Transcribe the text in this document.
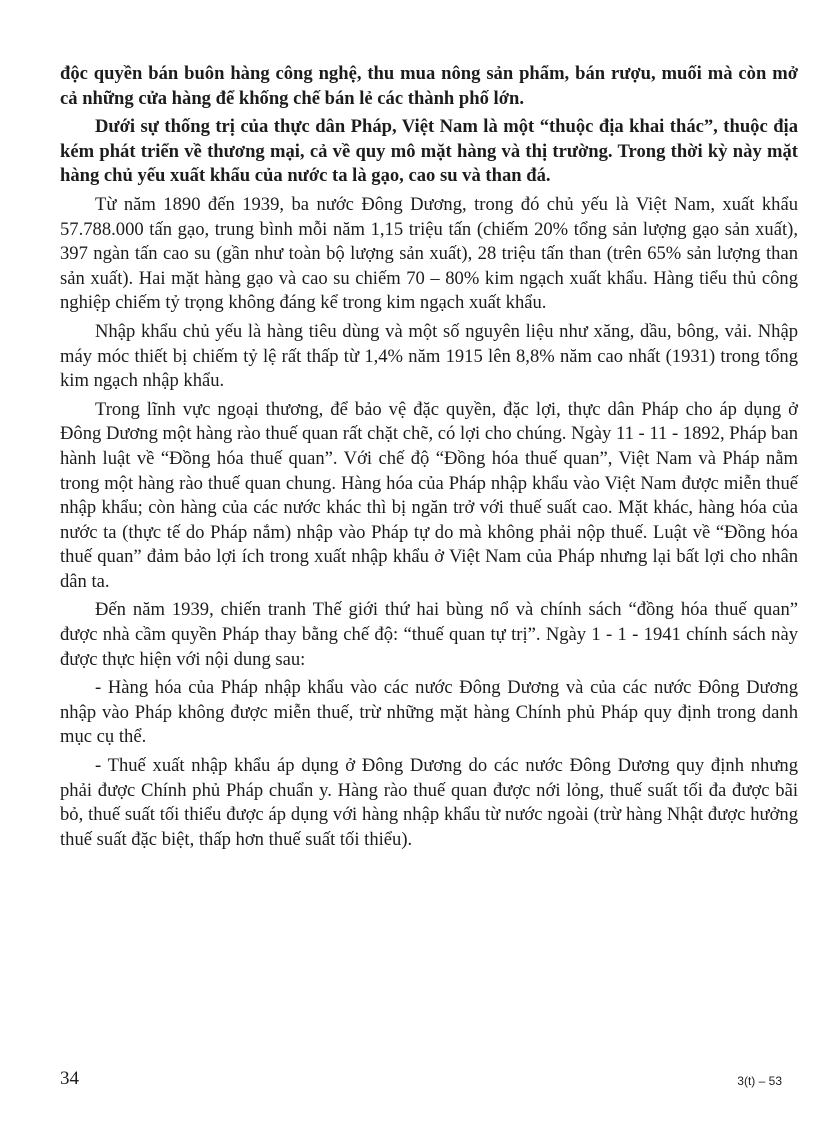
độc quyền bán buôn hàng công nghệ, thu mua nông sản phẩm, bán rượu, muối mà còn mở cả những cửa hàng để khống chế bán lẻ các thành phố lớn.

Dưới sự thống trị của thực dân Pháp, Việt Nam là một “thuộc địa khai thác”, thuộc địa kém phát triển về thương mại, cả về quy mô mặt hàng và thị trường. Trong thời kỳ này mặt hàng chủ yếu xuất khẩu của nước ta là gạo, cao su và than đá.

Từ năm 1890 đến 1939, ba nước Đông Dương, trong đó chủ yếu là Việt Nam, xuất khẩu 57.788.000 tấn gạo, trung bình mỗi năm 1,15 triệu tấn (chiếm 20% tổng sản lượng gạo sản xuất), 397 ngàn tấn cao su (gần như toàn bộ lượng sản xuất), 28 triệu tấn than (trên 65% sản lượng than sản xuất). Hai mặt hàng gạo và cao su chiếm 70 – 80% kim ngạch xuất khẩu. Hàng tiểu thủ công nghiệp chiếm tỷ trọng không đáng kể trong kim ngạch xuất khẩu.

Nhập khẩu chủ yếu là hàng tiêu dùng và một số nguyên liệu như xăng, dầu, bông, vải. Nhập máy móc thiết bị chiếm tỷ lệ rất thấp từ 1,4% năm 1915 lên 8,8% năm cao nhất (1931) trong tổng kim ngạch nhập khẩu.

Trong lĩnh vực ngoại thương, để bảo vệ đặc quyền, đặc lợi, thực dân Pháp cho áp dụng ở Đông Dương một hàng rào thuế quan rất chặt chẽ, có lợi cho chúng. Ngày 11 - 11 - 1892, Pháp ban hành luật về “Đồng hóa thuế quan”. Với chế độ “Đồng hóa thuế quan”, Việt Nam và Pháp nằm trong một hàng rào thuế quan chung. Hàng hóa của Pháp nhập khẩu vào Việt Nam được miễn thuế nhập khẩu; còn hàng của các nước khác thì bị ngăn trở với thuế suất cao. Mặt khác, hàng hóa của nước ta (thực tế do Pháp nắm) nhập vào Pháp tự do mà không phải nộp thuế. Luật về “Đồng hóa thuế quan” đảm bảo lợi ích trong xuất nhập khẩu ở Việt Nam của Pháp nhưng lại bất lợi cho nhân dân ta.

Đến năm 1939, chiến tranh Thế giới thứ hai bùng nổ và chính sách “đồng hóa thuế quan” được nhà cầm quyền Pháp thay bằng chế độ: “thuế quan tự trị”. Ngày 1 - 1 - 1941 chính sách này được thực hiện với nội dung sau:

- Hàng hóa của Pháp nhập khẩu vào các nước Đông Dương và của các nước Đông Dương nhập vào Pháp không được miễn thuế, trừ những mặt hàng Chính phủ Pháp quy định trong danh mục cụ thể.

- Thuế xuất nhập khẩu áp dụng ở Đông Dương do các nước Đông Dương quy định nhưng phải được Chính phủ Pháp chuẩn y. Hàng rào thuế quan được nới lỏng, thuế suất tối đa được bãi bỏ, thuế suất tối thiểu được áp dụng với hàng nhập khẩu từ nước ngoài (trừ hàng Nhật được hưởng thuế suất đặc biệt, thấp hơn thuế suất tối thiểu).

34	3(t) – 53
